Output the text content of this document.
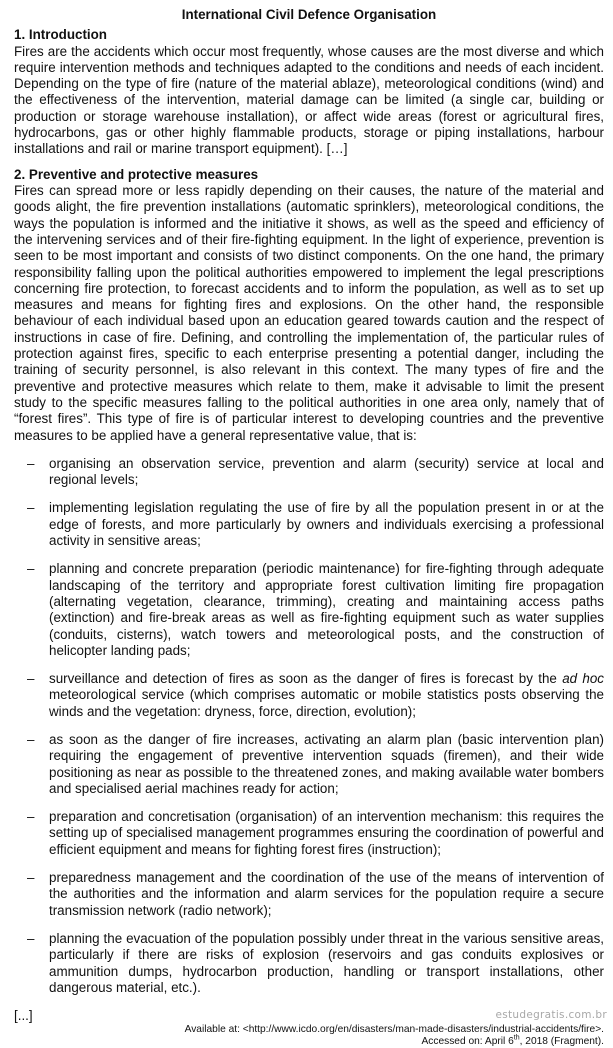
International Civil Defence Organisation
1. Introduction

Fires are the accidents which occur most frequently, whose causes are the most diverse and which require intervention methods and techniques adapted to the conditions and needs of each incident. Depending on the type of fire (nature of the material ablaze), meteorological conditions (wind) and the effectiveness of the intervention, material damage can be limited (a single car, building or production or storage warehouse installation), or affect wide areas (forest or agricultural fires, hydrocarbons, gas or other highly flammable products, storage or piping installations, harbour installations and rail or marine transport equipment). […]

2. Preventive and protective measures

Fires can spread more or less rapidly depending on their causes, the nature of the material and goods alight, the fire prevention installations (automatic sprinklers), meteorological conditions, the ways the population is informed and the initiative it shows, as well as the speed and efficiency of the intervening services and of their fire-fighting equipment. In the light of experience, prevention is seen to be most important and consists of two distinct components. On the one hand, the primary responsibility falling upon the political authorities empowered to implement the legal prescriptions concerning fire protection, to forecast accidents and to inform the population, as well as to set up measures and means for fighting fires and explosions. On the other hand, the responsible behaviour of each individual based upon an education geared towards caution and the respect of instructions in case of fire. Defining, and controlling the implementation of, the particular rules of protection against fires, specific to each enterprise presenting a potential danger, including the training of security personnel, is also relevant in this context. The many types of fire and the preventive and protective measures which relate to them, make it advisable to limit the present study to the specific measures falling to the political authorities in one area only, namely that of “forest fires”. This type of fire is of particular interest to developing countries and the preventive measures to be applied have a general representative value, that is:

– organising an observation service, prevention and alarm (security) service at local and regional levels;
– implementing legislation regulating the use of fire by all the population present in or at the edge of forests, and more particularly by owners and individuals exercising a professional activity in sensitive areas;
– planning and concrete preparation (periodic maintenance) for fire-fighting through adequate landscaping of the territory and appropriate forest cultivation limiting fire propagation (alternating vegetation, clearance, trimming), creating and maintaining access paths (extinction) and fire-break areas as well as fire-fighting equipment such as water supplies (conduits, cisterns), watch towers and meteorological posts, and the construction of helicopter landing pads;
– surveillance and detection of fires as soon as the danger of fires is forecast by the ad hoc meteorological service (which comprises automatic or mobile statistics posts observing the winds and the vegetation: dryness, force, direction, evolution);
– as soon as the danger of fire increases, activating an alarm plan (basic intervention plan) requiring the engagement of preventive intervention squads (firemen), and their wide positioning as near as possible to the threatened zones, and making available water bombers and specialised aerial machines ready for action;
– preparation and concretisation (organisation) of an intervention mechanism: this requires the setting up of specialised management programmes ensuring the coordination of powerful and efficient equipment and means for fighting forest fires (instruction);
– preparedness management and the coordination of the use of the means of intervention of the authorities and the information and alarm services for the population require a secure transmission network (radio network);
– planning the evacuation of the population possibly under threat in the various sensitive areas, particularly if there are risks of explosion (reservoirs and gas conduits explosives or ammunition dumps, hydrocarbon production, handling or transport installations, other dangerous material, etc.).

[...]

Available at: <http://www.icdo.org/en/disasters/man-made-disasters/industrial-accidents/fire>.

Accessed on: April 6th, 2018 (Fragment).

estudegratis.com.br
